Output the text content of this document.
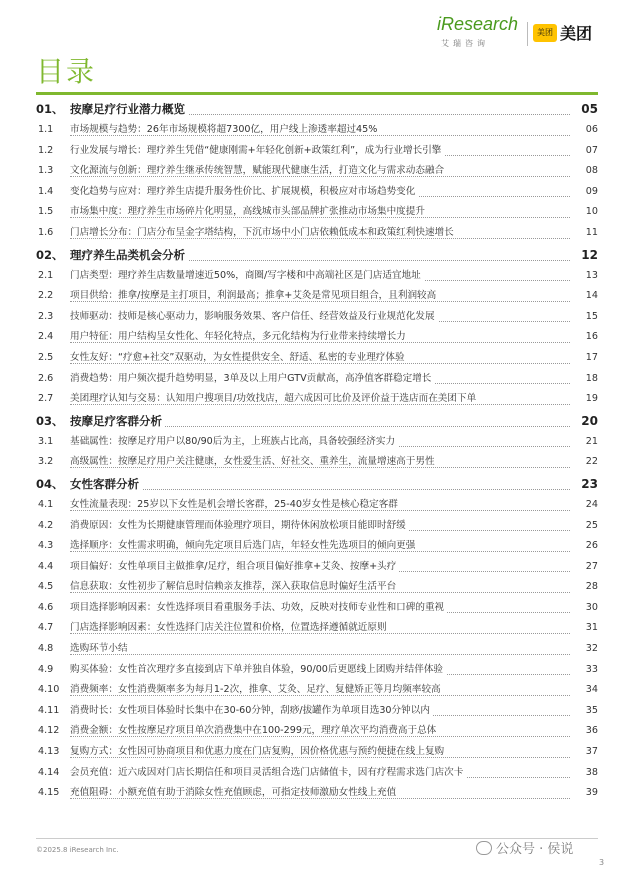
iResearch
艾瑞咨询
美团 美团
目录
01、 按摩足疗行业潜力概览	05
1.1 市场规模与趋势：26年市场规模将超7300亿，用户线上渗透率超过45%	06
1.2 行业发展与增长：理疗养生凭借“健康刚需+年轻化创新+政策红利”，成为行业增长引擎	07
1.3 文化源流与创新：理疗养生继承传统智慧，赋能现代健康生活，打造文化与需求动态融合	08
1.4 变化趋势与应对：理疗养生店提升服务性价比、扩展规模，积极应对市场趋势变化	09
1.5 市场集中度：理疗养生市场碎片化明显，高线城市头部品牌扩张推动市场集中度提升	10
1.6 门店增长分布：门店分布呈金字塔结构，下沉市场中小门店依赖低成本和政策红利快速增长	11
02、 理疗养生品类机会分析	12
2.1 门店类型：理疗养生店数量增速近50%，商圈/写字楼和中高端社区是门店适宜地址	13
2.2 项目供给：推拿/按摩是主打项目，利润最高；推拿+艾灸是常见项目组合，且利润较高	14
2.3 技师驱动：技师是核心驱动力，影响服务效果、客户信任、经营效益及行业规范化发展	15
2.4 用户特征：用户结构呈女性化、年轻化特点，多元化结构为行业带来持续增长力	16
2.5 女性友好：“疗愈+社交”双驱动，为女性提供安全、舒适、私密的专业理疗体验	17
2.6 消费趋势：用户频次提升趋势明显，3单及以上用户GTV贡献高，高净值客群稳定增长	18
2.7 美团理疗认知与交易：认知用户搜项目/功效找店，超六成因可比价及评价益于选店而在美团下单	19
03、 按摩足疗客群分析	20
3.1 基础属性：按摩足疗用户以80/90后为主，上班族占比高，具备较强经济实力	21
3.2 高级属性：按摩足疗用户关注健康，女性爱生活、好社交、重养生，流量增速高于男性	22
04、 女性客群分析	23
4.1 女性流量表现：25岁以下女性是机会增长客群，25-40岁女性是核心稳定客群	24
4.2 消费原因：女性为长期健康管理而体验理疗项目，期待休闲放松项目能即时舒缓	25
4.3 选择顺序：女性需求明确，倾向先定项目后选门店，年轻女性先选项目的倾向更强	26
4.4 项目偏好：女性单项目主做推拿/足疗，组合项目偏好推拿+艾灸、按摩+头疗	27
4.5 信息获取：女性初步了解信息时信赖亲友推荐，深入获取信息时偏好生活平台	28
4.6 项目选择影响因素：女性选择项目看重服务手法、功效，反映对技师专业性和口碑的重视	30
4.7 门店选择影响因素：女性选择门店关注位置和价格，位置选择遵循就近原则	31
4.8 选购环节小结	32
4.9 购买体验：女性首次理疗多直接到店下单并独自体验，90/00后更愿线上团购并结伴体验	33
4.10 消费频率：女性消费频率多为每月1-2次，推拿、艾灸、足疗、复健矫正等月均频率较高	34
4.11 消费时长：女性项目体验时长集中在30-60分钟，刮痧/拔罐作为单项目选30分钟以内	35
4.12 消费金额：女性按摩足疗项目单次消费集中在100-299元，理疗单次平均消费高于总体	36
4.13 复购方式：女性因可协商项目和优惠力度在门店复购，因价格优惠与预约便捷在线上复购	37
4.14 会员充值：近六成因对门店长期信任和项目灵活组合选门店储值卡，因有疗程需求选门店次卡	38
4.15 充值阻碍：小额充值有助于消除女性充值顾虑，可指定技师激励女性线上充值	39
©2025.8 iResearch Inc.	公众号 · 侯说
3
